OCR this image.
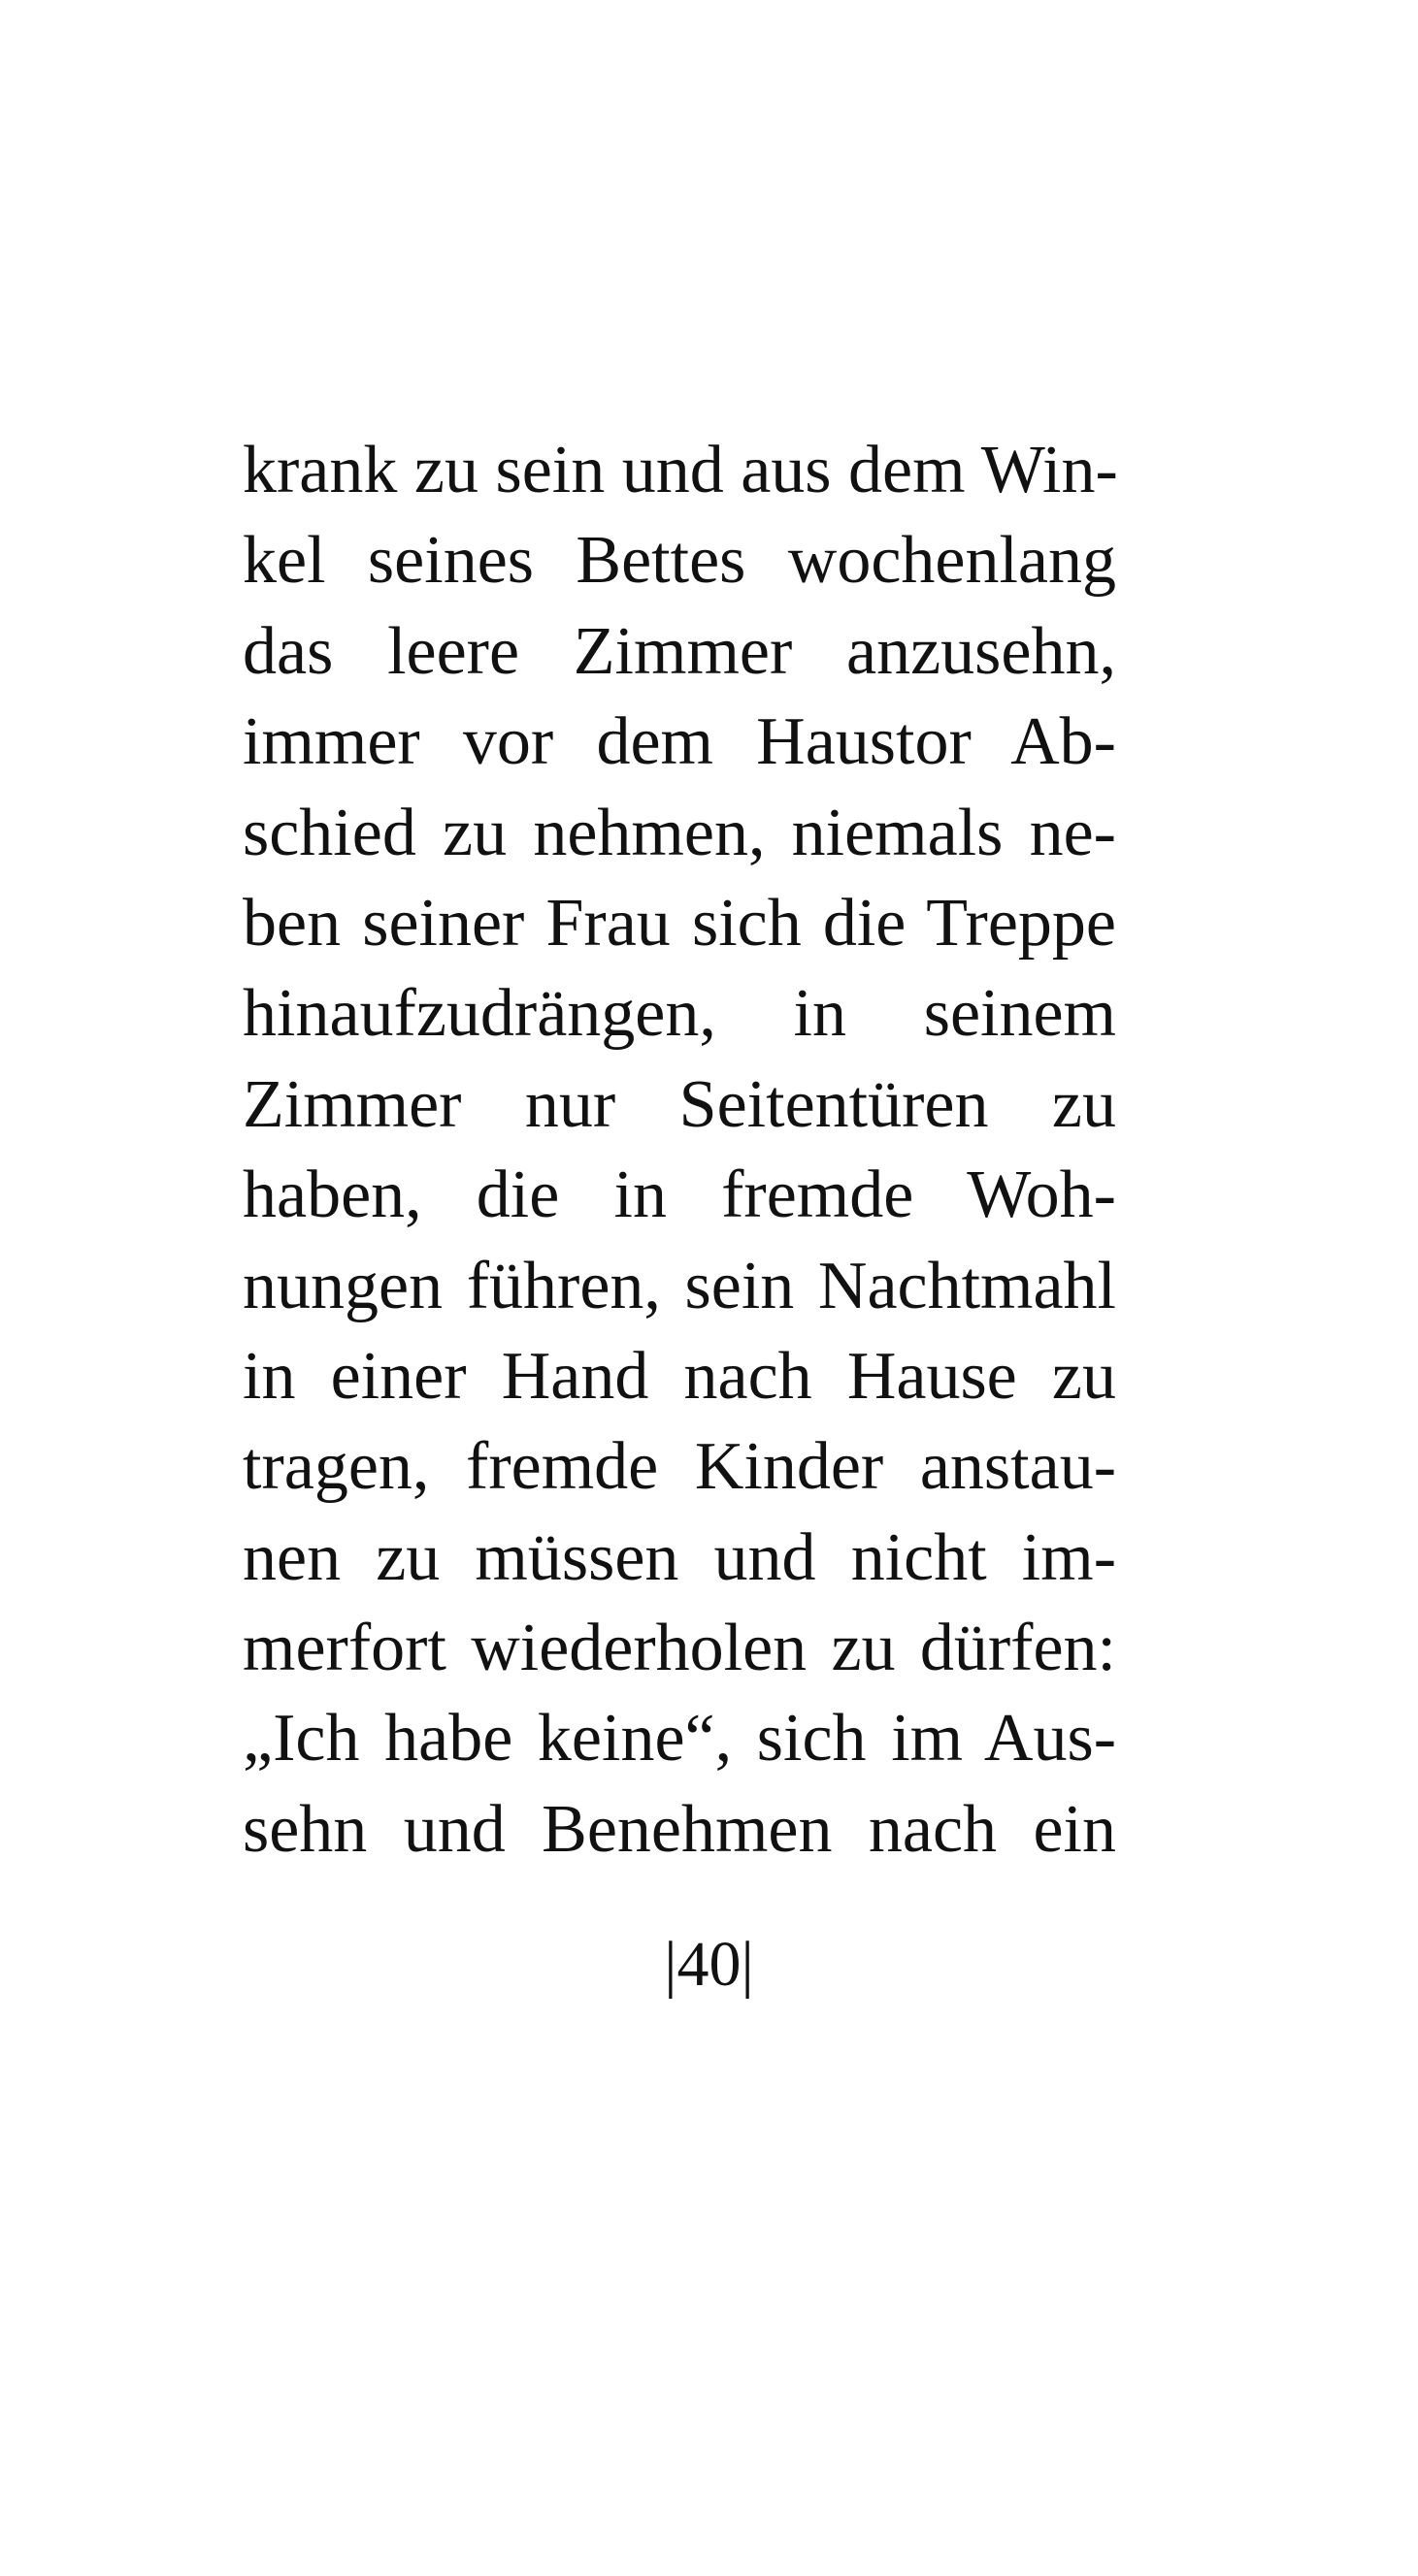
krank zu sein und aus dem Win-
kel seines Bettes wochenlang
das leere Zimmer anzusehn,
immer vor dem Haustor Ab-
schied zu nehmen, niemals ne-
ben seiner Frau sich die Treppe
hinaufzudrängen, in seinem
Zimmer nur Seitentüren zu
haben, die in fremde Woh-
nungen führen, sein Nachtmahl
in einer Hand nach Hause zu
tragen, fremde Kinder anstau-
nen zu müssen und nicht im-
merfort wiederholen zu dürfen:
„Ich habe keine“, sich im Aus-
sehn und Benehmen nach ein
|40|
